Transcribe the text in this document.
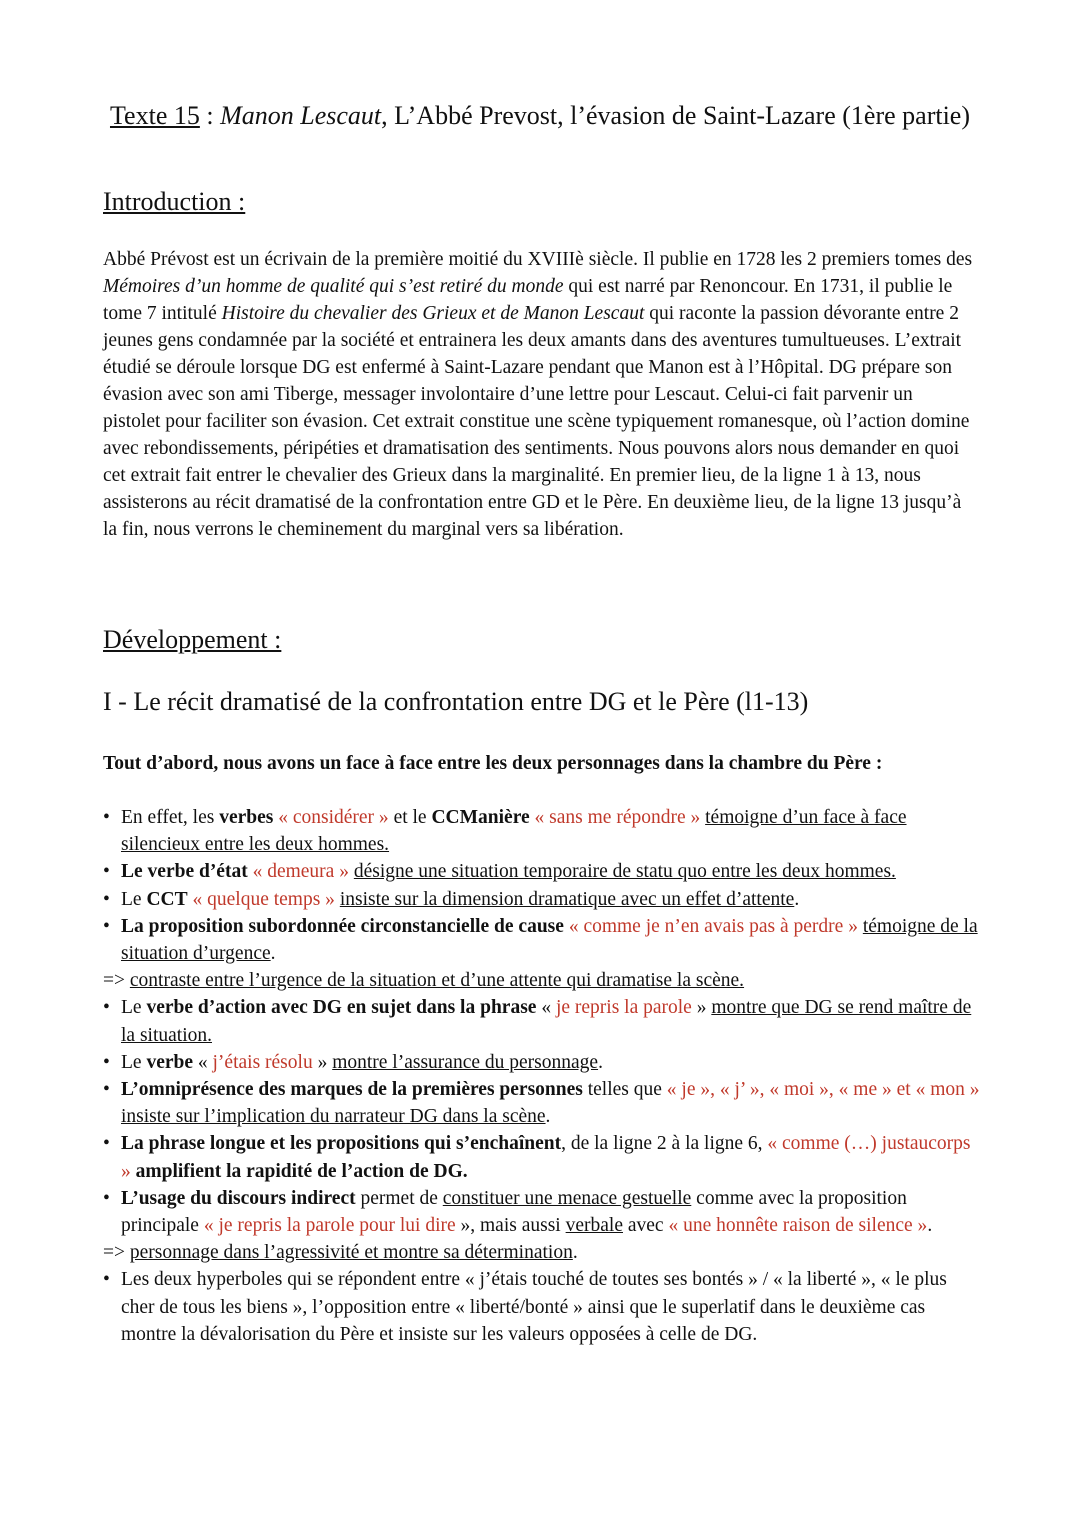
Texte 15 : Manon Lescaut, L’Abbé Prevost, l’évasion de Saint-Lazare (1ère partie)
Introduction :
Abbé Prévost est un écrivain de la première moitié du XVIIIè siècle. Il publie en 1728 les 2 premiers tomes des Mémoires d’un homme de qualité qui s’est retiré du monde qui est narré par Renoncour. En 1731, il publie le tome 7 intitulé Histoire du chevalier des Grieux et de Manon Lescaut qui raconte la passion dévorante entre 2 jeunes gens condamnée par la société et entrainera les deux amants dans des aventures tumultueuses. L’extrait étudié se déroule lorsque DG est enfermé à Saint-Lazare pendant que Manon est à l’Hôpital. DG prépare son évasion avec son ami Tiberge, messager involontaire d’une lettre pour Lescaut. Celui-ci fait parvenir un pistolet pour faciliter son évasion. Cet extrait constitue une scène typiquement romanesque, où l’action domine avec rebondissements, péripéties et dramatisation des sentiments. Nous pouvons alors nous demander en quoi cet extrait fait entrer le chevalier des Grieux dans la marginalité. En premier lieu, de la ligne 1 à 13, nous assisterons au récit dramatisé de la confrontation entre GD et le Père. En deuxième lieu, de la ligne 13 jusqu’à la fin, nous verrons le cheminement du marginal vers sa libération.
Développement :
I - Le récit dramatisé de la confrontation entre DG et le Père (l1-13)
Tout d’abord, nous avons un face à face entre les deux personnages dans la chambre du Père :
• En effet, les verbes « considérer » et le CCManière « sans me répondre » témoigne d’un face à face silencieux entre les deux hommes.
• Le verbe d’état « demeura » désigne une situation temporaire de statu quo entre les deux hommes.
• Le CCT « quelque temps » insiste sur la dimension dramatique avec un effet d’attente.
• La proposition subordonnée circonstancielle de cause « comme je n’en avais pas à perdre » témoigne de la situation d’urgence.
=> contraste entre l’urgence de la situation et d’une attente qui dramatise la scène.
• Le verbe d’action avec DG en sujet dans la phrase « je repris la parole » montre que DG se rend maître de la situation.
• Le verbe « j’étais résolu » montre l’assurance du personnage.
• L’omniprésence des marques de la premières personnes telles que « je », « j’ », « moi », « me » et « mon » insiste sur l’implication du narrateur DG dans la scène.
• La phrase longue et les propositions qui s’enchaînent, de la ligne 2 à la ligne 6, « comme (…) justaucorps » amplifient la rapidité de l’action de DG.
• L’usage du discours indirect permet de constituer une menace gestuelle comme avec la proposition principale « je repris la parole pour lui dire », mais aussi verbale avec « une honnête raison de silence ».
=> personnage dans l’agressivité et montre sa détermination.
• Les deux hyperboles qui se répondent entre « j’étais touché de toutes ses bontés » / « la liberté », « le plus cher de tous les biens », l’opposition entre « liberté/bonté » ainsi que le superlatif dans le deuxième cas montre la dévalorisation du Père et insiste sur les valeurs opposées à celle de DG.
